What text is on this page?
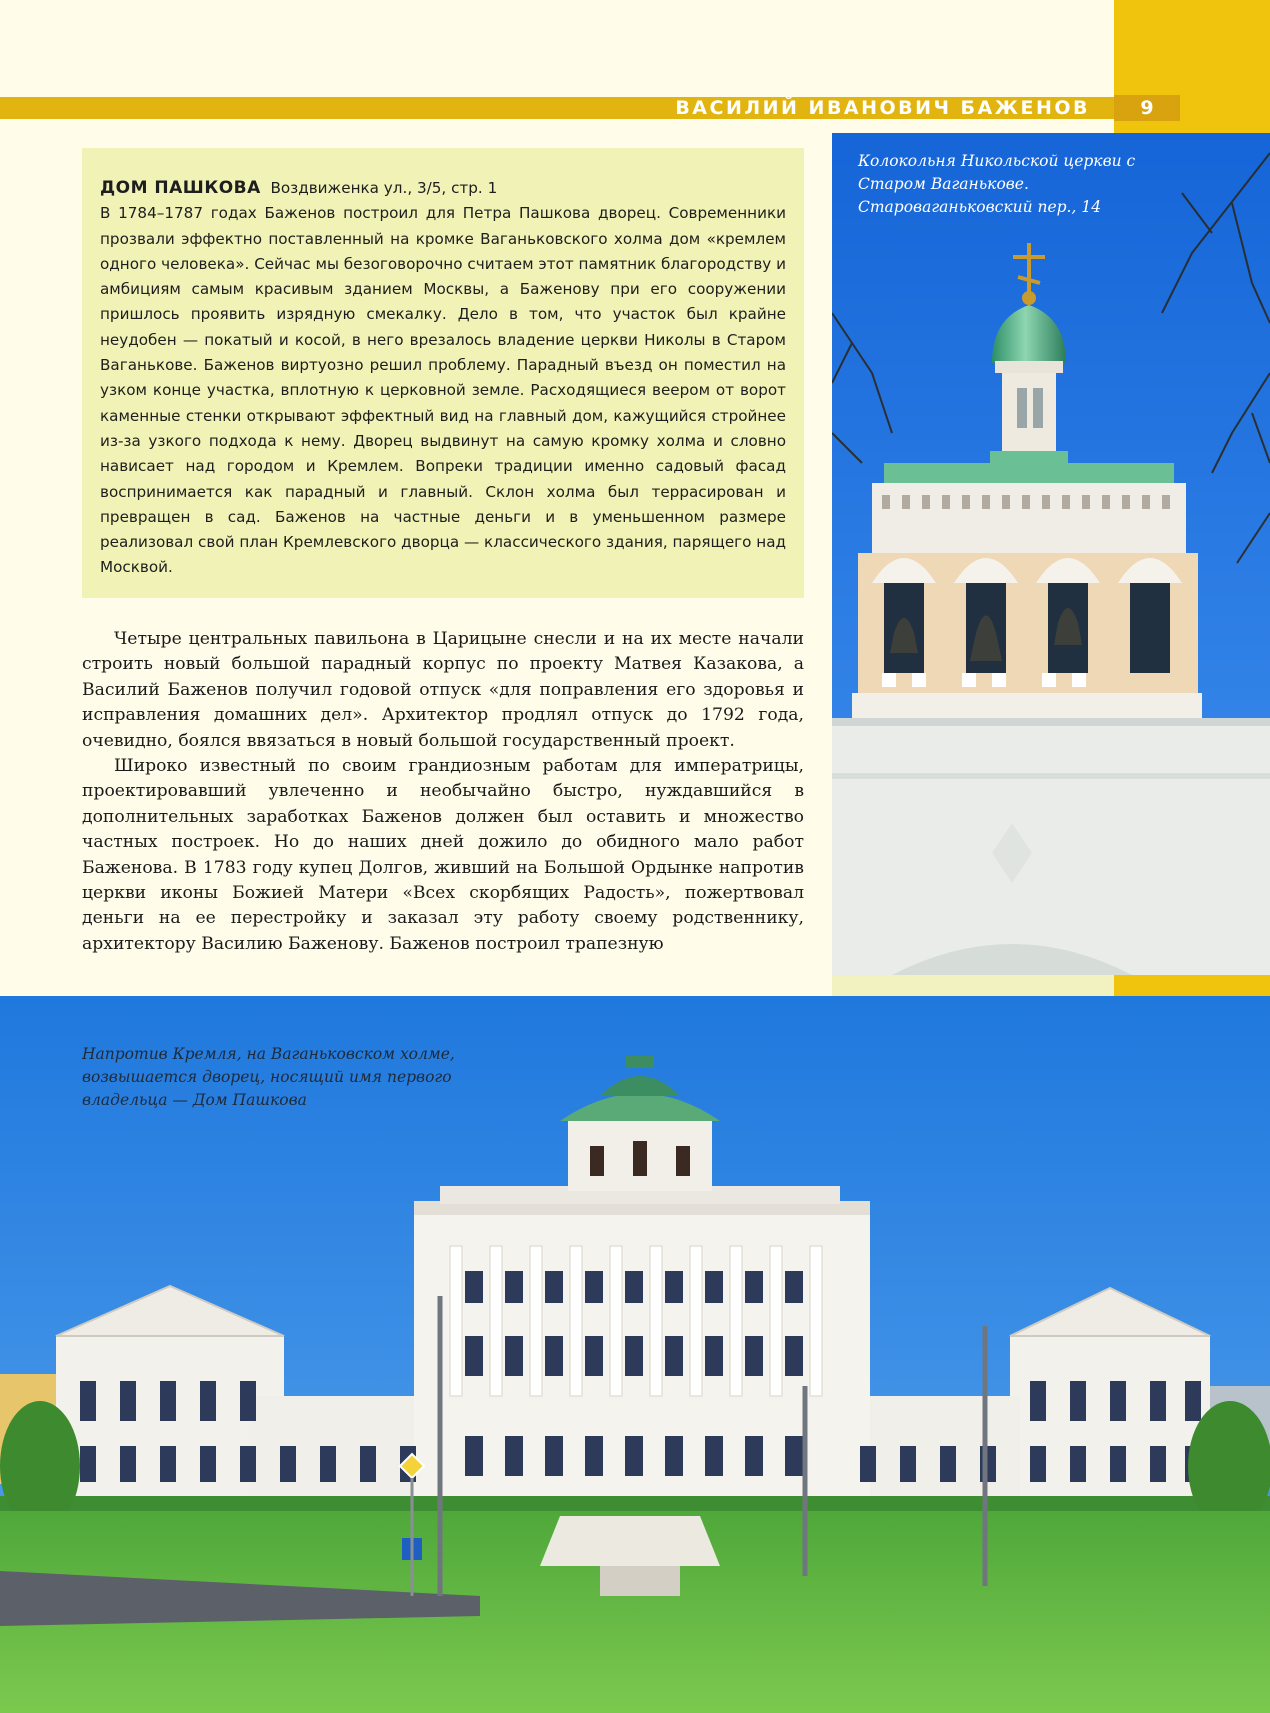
ВАСИЛИЙ ИВАНОВИЧ БАЖЕНОВ	9

ДОМ ПАШКОВА Воздвиженка ул., 3/5, стр. 1
В 1784–1787 годах Баженов построил для Петра Пашкова дворец. Современники прозвали эффектно поставленный на кромке Ваганьковского холма дом «кремлем одного человека». Сейчас мы безоговорочно считаем этот памятник благородству и амбициям самым красивым зданием Москвы, а Баженову при его сооружении пришлось проявить изрядную смекалку. Дело в том, что участок был крайне неудобен — покатый и косой, в него врезалось владение церкви Николы в Старом Ваганькове. Баженов виртуозно решил проблему. Парадный въезд он поместил на узком конце участка, вплотную к церковной земле. Расходящиеся веером от ворот каменные стенки открывают эффектный вид на главный дом, кажущийся стройнее из-за узкого подхода к нему. Дворец выдвинут на самую кромку холма и словно нависает над городом и Кремлем. Вопреки традиции именно садовый фасад воспринимается как парадный и главный. Склон холма был террасирован и превращен в сад. Баженов на частные деньги и в уменьшенном размере реализовал свой план Кремлевского дворца — классического здания, парящего над Москвой.

Четыре центральных павильона в Царицыне снесли и на их месте начали строить новый большой парадный корпус по проекту Матвея Казакова, а Василий Баженов получил годовой отпуск «для поправления его здоровья и исправления домашних дел». Архитектор продлял отпуск до 1792 года, очевидно, боялся ввязаться в новый большой государственный проект.

Широко известный по своим грандиозным работам для императрицы, проектировавший увлеченно и необычайно быстро, нуждавшийся в дополнительных заработках Баженов должен был оставить и множество частных построек. Но до наших дней дожило до обидного мало работ Баженова. В 1783 году купец Долгов, живший на Большой Ордынке напротив церкви иконы Божией Матери «Всех скорбящих Радость», пожертвовал деньги на ее перестройку и заказал эту работу своему родственнику, архитектору Василию Баженову. Баженов построил трапезную

Колокольня Никольской церкви с Старом Ваганькове. Староваганьковский пер., 14
Напротив Кремля, на Ваганьковском холме, возвышается дворец, носящий имя первого владельца — Дом Пашкова
